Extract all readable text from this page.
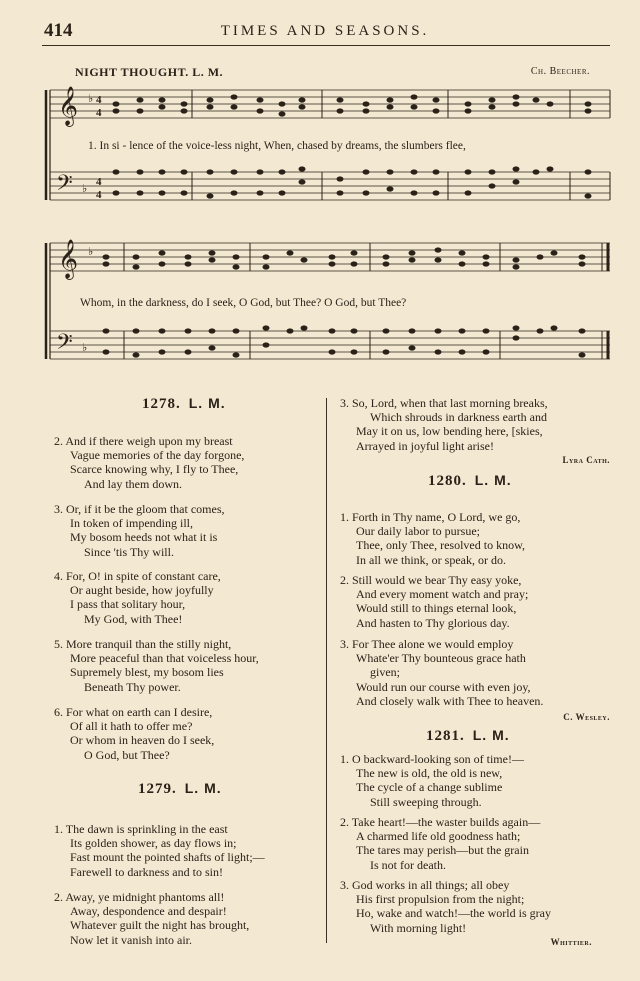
414	TIMES AND SEASONS.
NIGHT THOUGHT. L. M.	Ch. Beecher.
𝄞 ♭ 4
4
𝄢 ♭
4
4
1. In si - lence of the voice-less night, When, chased by dreams, the slumbers flee,
𝄞 ♭
𝄢 ♭
Whom, in the darkness, do I seek, O God, but Thee? O God, but Thee?
1278. L. M.
2. And if there weigh upon my breast
Vague memories of the day forgone,
Scarce knowing why, I fly to Thee,
And lay them down.
3. Or, if it be the gloom that comes,
In token of impending ill,
My bosom heeds not what it is
Since 'tis Thy will.
4. For, O! in spite of constant care,
Or aught beside, how joyfully
I pass that solitary hour,
My God, with Thee!
5. More tranquil than the stilly night,
More peaceful than that voiceless hour,
Supremely blest, my bosom lies
Beneath Thy power.
6. For what on earth can I desire,
Of all it hath to offer me?
Or whom in heaven do I seek,
O God, but Thee?
1279. L. M.
1. The dawn is sprinkling in the east
Its golden shower, as day flows in;
Fast mount the pointed shafts of light;—
Farewell to darkness and to sin!
2. Away, ye midnight phantoms all!
Away, despondence and despair!
Whatever guilt the night has brought,
Now let it vanish into air.
3. So, Lord, when that last morning breaks,
Which shrouds in darkness earth and
May it on us, low bending here, [skies,
Arrayed in joyful light arise!
Lyra Cath.
1280. L. M.
1. Forth in Thy name, O Lord, we go,
Our daily labor to pursue;
Thee, only Thee, resolved to know,
In all we think, or speak, or do.
2. Still would we bear Thy easy yoke,
And every moment watch and pray;
Would still to things eternal look,
And hasten to Thy glorious day.
3. For Thee alone we would employ
Whate'er Thy bounteous grace hath
given;
Would run our course with even joy,
And closely walk with Thee to heaven.
C. Wesley.
1281. L. M.
1. O backward-looking son of time!—
The new is old, the old is new,
The cycle of a change sublime
Still sweeping through.
2. Take heart!—the waster builds again—
A charmed life old goodness hath;
The tares may perish—but the grain
Is not for death.
3. God works in all things; all obey
His first propulsion from the night;
Ho, wake and watch!—the world is gray
With morning light!
Whittier.
